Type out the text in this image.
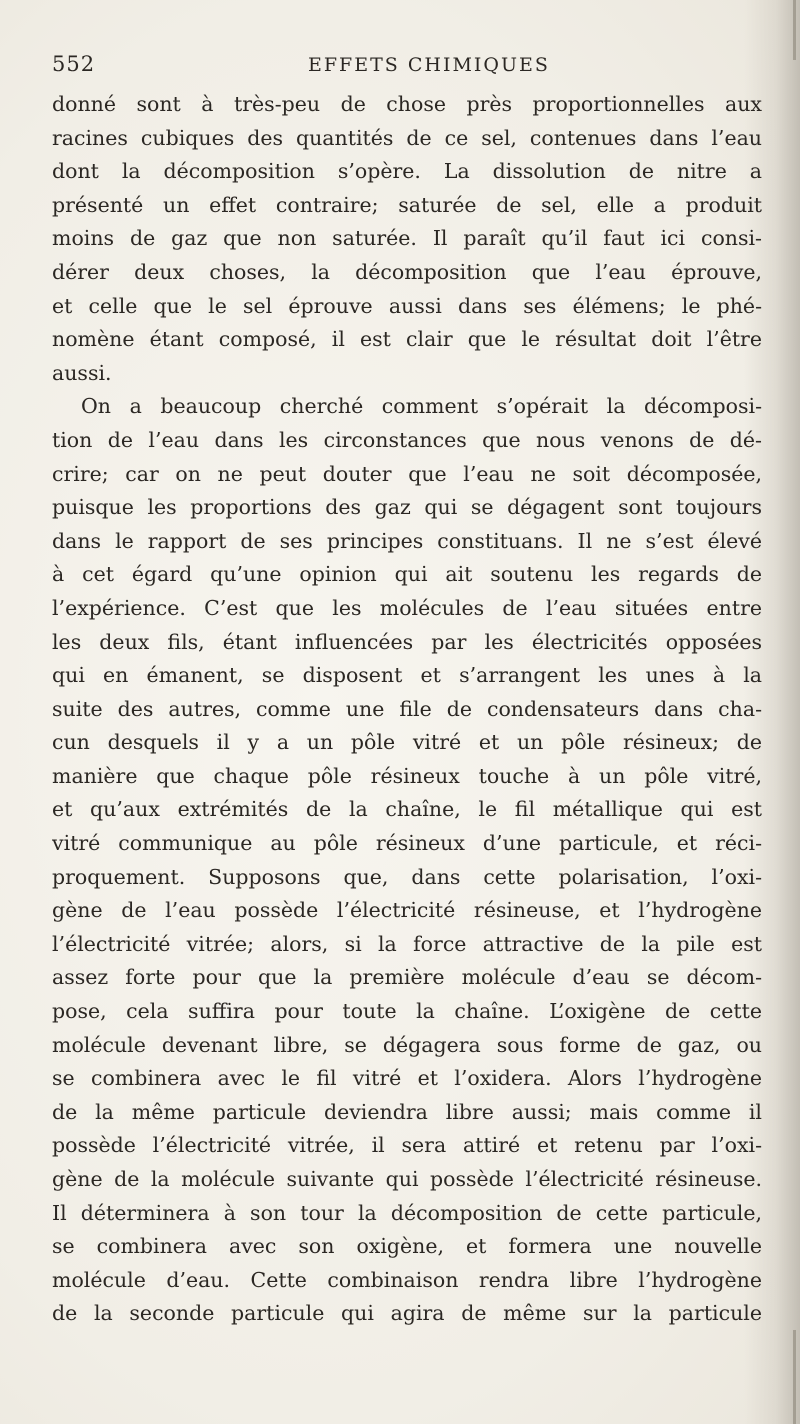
552	EFFETS CHIMIQUES
donné sont à très-peu de chose près proportionnelles aux
racines cubiques des quantités de ce sel, contenues dans l’eau
dont la décomposition s’opère. La dissolution de nitre a
présenté un effet contraire; saturée de sel, elle a produit
moins de gaz que non saturée. Il paraît qu’il faut ici consi-
dérer deux choses, la décomposition que l’eau éprouve,
et celle que le sel éprouve aussi dans ses élémens; le phé-
nomène étant composé, il est clair que le résultat doit l’être
aussi.
On a beaucoup cherché comment s’opérait la décomposi-
tion de l’eau dans les circonstances que nous venons de dé-
crire; car on ne peut douter que l’eau ne soit décomposée,
puisque les proportions des gaz qui se dégagent sont toujours
dans le rapport de ses principes constituans. Il ne s’est élevé
à cet égard qu’une opinion qui ait soutenu les regards de
l’expérience. C’est que les molécules de l’eau situées entre
les deux fils, étant influencées par les électricités opposées
qui en émanent, se disposent et s’arrangent les unes à la
suite des autres, comme une file de condensateurs dans cha-
cun desquels il y a un pôle vitré et un pôle résineux; de
manière que chaque pôle résineux touche à un pôle vitré,
et qu’aux extrémités de la chaîne, le fil métallique qui est
vitré communique au pôle résineux d’une particule, et réci-
proquement. Supposons que, dans cette polarisation, l’oxi-
gène de l’eau possède l’électricité résineuse, et l’hydrogène
l’électricité vitrée; alors, si la force attractive de la pile est
assez forte pour que la première molécule d’eau se décom-
pose, cela suffira pour toute la chaîne. L’oxigène de cette
molécule devenant libre, se dégagera sous forme de gaz, ou
se combinera avec le fil vitré et l’oxidera. Alors l’hydrogène
de la même particule deviendra libre aussi; mais comme il
possède l’électricité vitrée, il sera attiré et retenu par l’oxi-
gène de la molécule suivante qui possède l’électricité résineuse.
Il déterminera à son tour la décomposition de cette particule,
se combinera avec son oxigène, et formera une nouvelle
molécule d’eau. Cette combinaison rendra libre l’hydrogène
de la seconde particule qui agira de même sur la particule
